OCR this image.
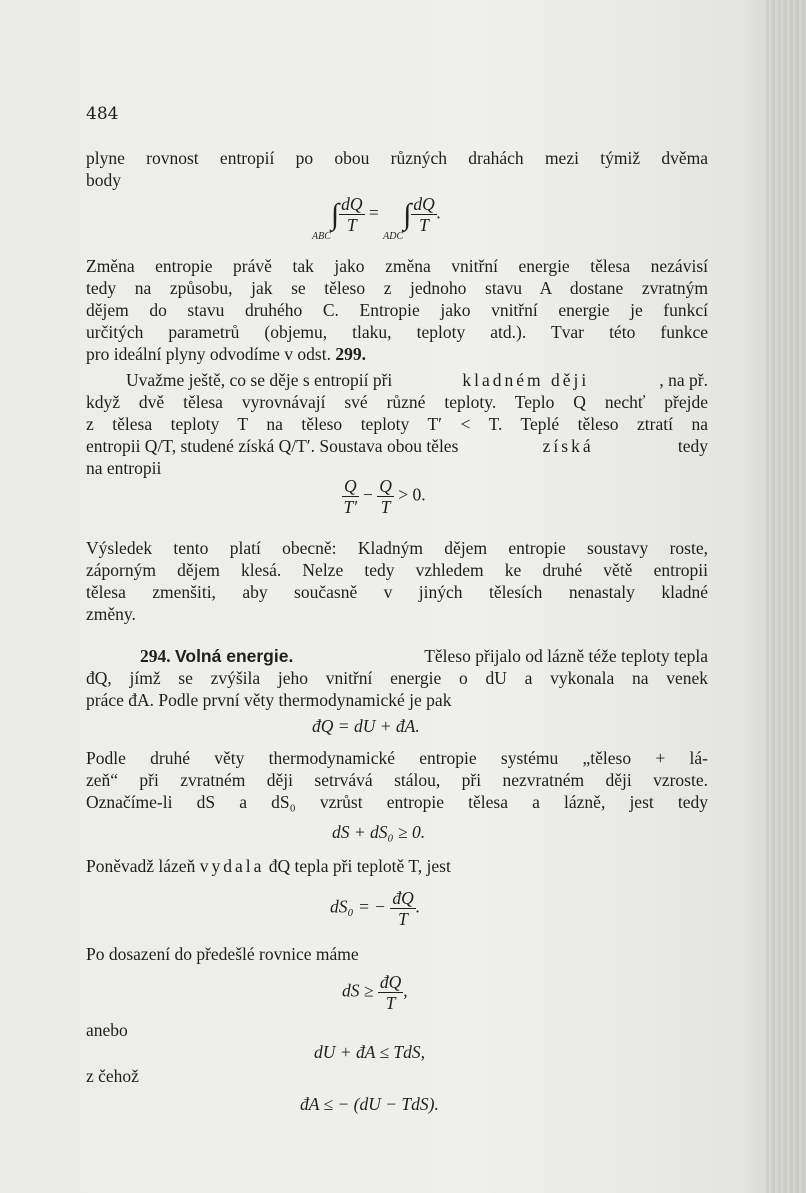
484
plyne rovnost entropií po obou různých drahách mezi týmiž dvěma
body
$_{ABC}\int \frac{dQ}{T} = _{ADC}\int \frac{dQ}{T}$ .
Změna entropie právě tak jako změna vnitřní energie tělesa nezávisí
tedy na způsobu, jak se těleso z jednoho stavu A dostane zvratným
dějem do stavu druhého C. Entropie jako vnitřní energie je funkcí
určitých parametrů (objemu, tlaku, teploty atd.). Tvar této funkce
pro ideální plyny odvodíme v odst. 299.
Uvažme ještě, co se děje s entropií při	kladném ději	, na př.
když dvě tělesa vyrovnávají své různé teploty. Teplo Q nechť přejde
z tělesa teploty T na těleso teploty T′ < T. Teplé těleso ztratí na
entropii Q/T, studené získá Q/T′. Soustava obou těles	získá	tedy
na entropii
$\frac{Q}{T'} - \frac{Q}{T} > 0$.
Výsledek tento platí obecně: Kladným dějem entropie soustavy roste,
záporným dějem klesá. Nelze tedy vzhledem ke druhé větě entropii
tělesa zmenšiti, aby současně v jiných tělesích nenastaly kladné
změny.
294. Volná energie.	Těleso přijalo od lázně téže teploty tepla
đQ, jímž se zvýšila jeho vnitřní energie o dU a vykonala na venek
práce đA. Podle první věty thermodynamické je pak
đQ = dU + đA.
Podle druhé věty thermodynamické entropie systému „těleso + lá-
zeň“ při zvratném ději setrvává stálou, při nezvratném ději vzroste.
Označíme-li dS a dS₀ vzrůst entropie tělesa a lázně, jest tedy
dS + dS₀ ≥ 0.
Poněvadž lázeň vydala đQ tepla při teplotě T, jest
dS₀ = − $\frac{đQ}{T}$ .
Po dosazení do předešlé rovnice máme
dS ≥ $\frac{đQ}{T}$ ,
anebo
dU + đA ≤ TdS,
z čehož
đA ≤ − (dU − TdS).
